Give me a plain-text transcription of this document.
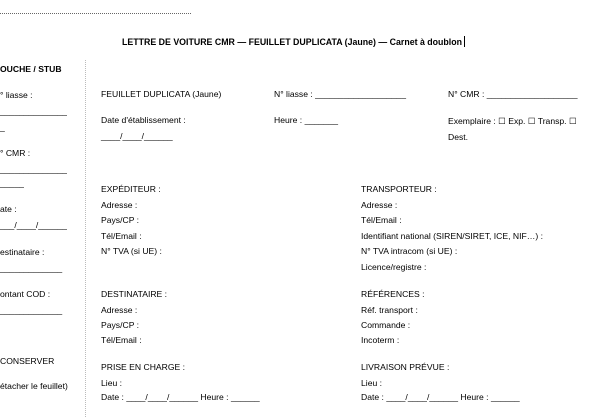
LETTRE DE VOITURE CMR — FEUILLET DUPLICATA (Jaune) — Carnet à doublon
OUCHE / STUB
° liasse :
______________
_
° CMR :
______________
_____
ate :
___/____/______
estinataire :
_____________
ontant COD :
_____________
CONSERVER
étacher le feuillet)
FEUILLET DUPLICATA (Jaune)	N° liasse : ___________________	N° CMR : ___________________
Date d'établissement :
____/____/______
Heure : _______	Exemplaire : ☐ Exp. ☐ Transp. ☐
Dest.
EXPÉDITEUR :
Adresse :
Pays/CP :
Tél/Email :
N° TVA (si UE) :
TRANSPORTEUR :
Adresse :
Tél/Email :
Identifiant national (SIREN/SIRET, ICE, NIF…) :
N° TVA intracom (si UE) :
Licence/registre :
DESTINATAIRE :
Adresse :
Pays/CP :
Tél/Email :
RÉFÉRENCES :
Réf. transport :
Commande :
Incoterm :
PRISE EN CHARGE :
Lieu :
Date : ____/____/______ Heure : ______
LIVRAISON PRÉVUE :
Lieu :
Date : ____/____/______ Heure : ______
